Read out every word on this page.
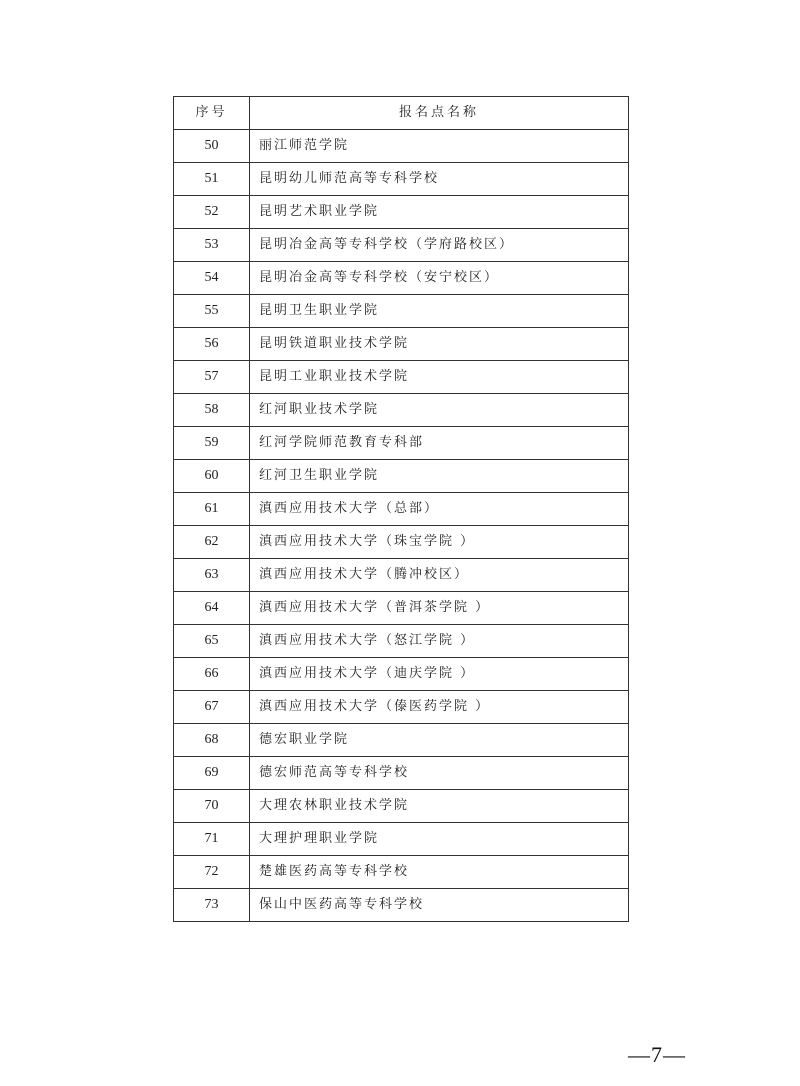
序号	报名点名称
50	丽江师范学院
51	昆明幼儿师范高等专科学校
52	昆明艺术职业学院
53	昆明冶金高等专科学校（学府路校区）
54	昆明冶金高等专科学校（安宁校区）
55	昆明卫生职业学院
56	昆明铁道职业技术学院
57	昆明工业职业技术学院
58	红河职业技术学院
59	红河学院师范教育专科部
60	红河卫生职业学院
61	滇西应用技术大学（总部）
62	滇西应用技术大学（珠宝学院 ）
63	滇西应用技术大学（腾冲校区）
64	滇西应用技术大学（普洱茶学院 ）
65	滇西应用技术大学（怒江学院 ）
66	滇西应用技术大学（迪庆学院 ）
67	滇西应用技术大学（傣医药学院 ）
68	德宏职业学院
69	德宏师范高等专科学校
70	大理农林职业技术学院
71	大理护理职业学院
72	楚雄医药高等专科学校
73	保山中医药高等专科学校
—7—
